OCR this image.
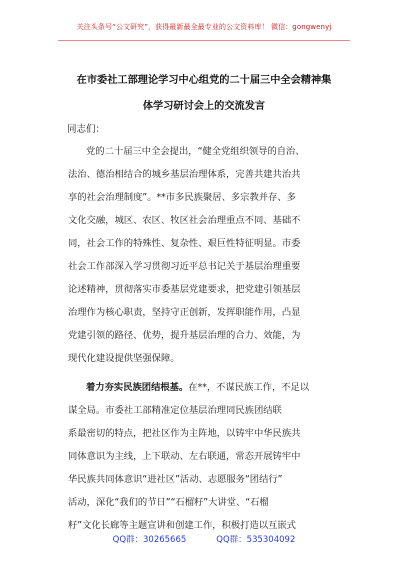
关注头条号“公文研究”，获得最新最全最专业的公文资料库！ 微信：gongwenyj
在市委社工部理论学习中心组党的二十届三中全会精神集
体学习研讨会上的交流发言
同志们：
党的二十届三中全会提出，“健全党组织领导的自治、
法治、德治相结合的城乡基层治理体系，完善共建共治共
享的社会治理制度”。**市多民族聚居、多宗教并存、多
文化交融，城区、农区、牧区社会治理重点不同、基础不
同，社会工作的特殊性、复杂性、艰巨性特征明显。市委
社会工作部深入学习贯彻习近平总书记关于基层治理重要
论述精神，贯彻落实市委基层党建要求，把党建引领基层
治理作为核心职责，坚持守正创新，发挥职能作用，凸显
党建引领的路径、优势，提升基层治理的合力、效能，为
现代化建设提供坚强保障。
着力夯实民族团结根基。在**，不谋民族工作，不足以
谋全局。市委社工部精准定位基层治理同民族团结联
系最密切的特点，把社区作为主阵地，以铸牢中华民族共
同体意识为主线，上下联动、左右联通，常态开展铸牢中
华民族共同体意识“进社区”活动、志愿服务“团结行”
活动，深化“我们的节日”“石榴籽”大讲堂、“石榴
籽”文化长廊等主题宣讲和创建工作，积极打造以互嵌式
QQ群：30265665	QQ群：535304092
